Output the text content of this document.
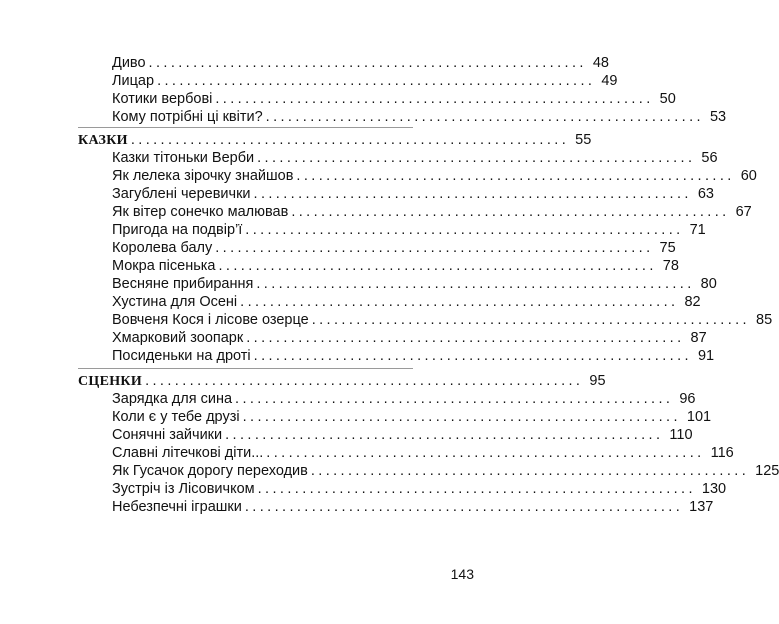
Диво ........................................................... 48
Лицар ........................................................... 49
Котики вербові ........................................................... 50
Кому потрібні ці квіти? ........................................................... 53
КАЗКИ ........................................................... 55
Казки тітоньки Верби ........................................................... 56
Як лелека зірочку знайшов ........................................................... 60
Загублені черевички ........................................................... 63
Як вітер сонечко малював ........................................................... 67
Пригода на подвір’ї ........................................................... 71
Королева балу ........................................................... 75
Мокра пісенька ........................................................... 78
Весняне прибирання ........................................................... 80
Хустина для Осені ........................................................... 82
Вовченя Кося і лісове озерце ........................................................... 85
Хмарковий зоопарк ........................................................... 87
Посиденьки на дроті ........................................................... 91
СЦЕНКИ ........................................................... 95
Зарядка для сина ........................................................... 96
Коли є у тебе друзі ........................................................... 101
Сонячні зайчики ........................................................... 110
Славні літечкові діти... ........................................................... 116
Як Гусачок дорогу переходив ........................................................... 125
Зустріч із Лісовичком ........................................................... 130
Небезпечні іграшки ........................................................... 137
143
